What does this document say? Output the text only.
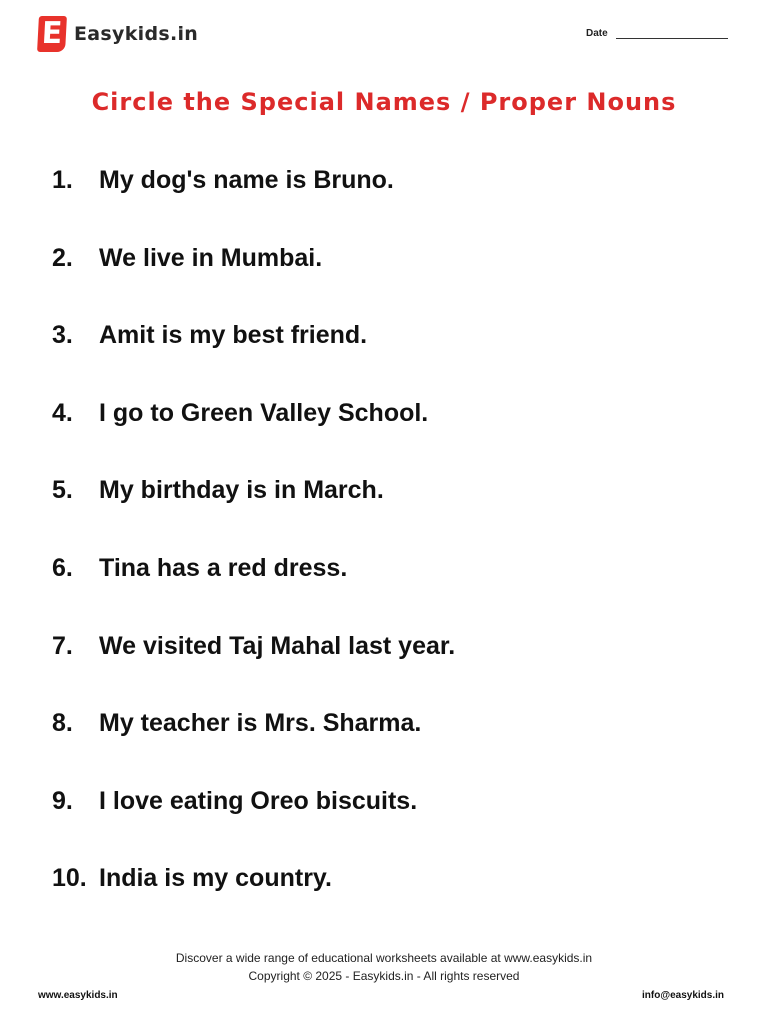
E Easykids.in	Date
Circle the Special Names / Proper Nouns
1.	My dog's name is Bruno.
2.	We live in Mumbai.
3.	Amit is my best friend.
4.	I go to Green Valley School.
5.	My birthday is in March.
6.	Tina has a red dress.
7.	We visited Taj Mahal last year.
8.	My teacher is Mrs. Sharma.
9.	I love eating Oreo biscuits.
10. India is my country.
Discover a wide range of educational worksheets available at www.easykids.in
Copyright © 2025 - Easykids.in - All rights reserved
www.easykids.in	info@easykids.in
